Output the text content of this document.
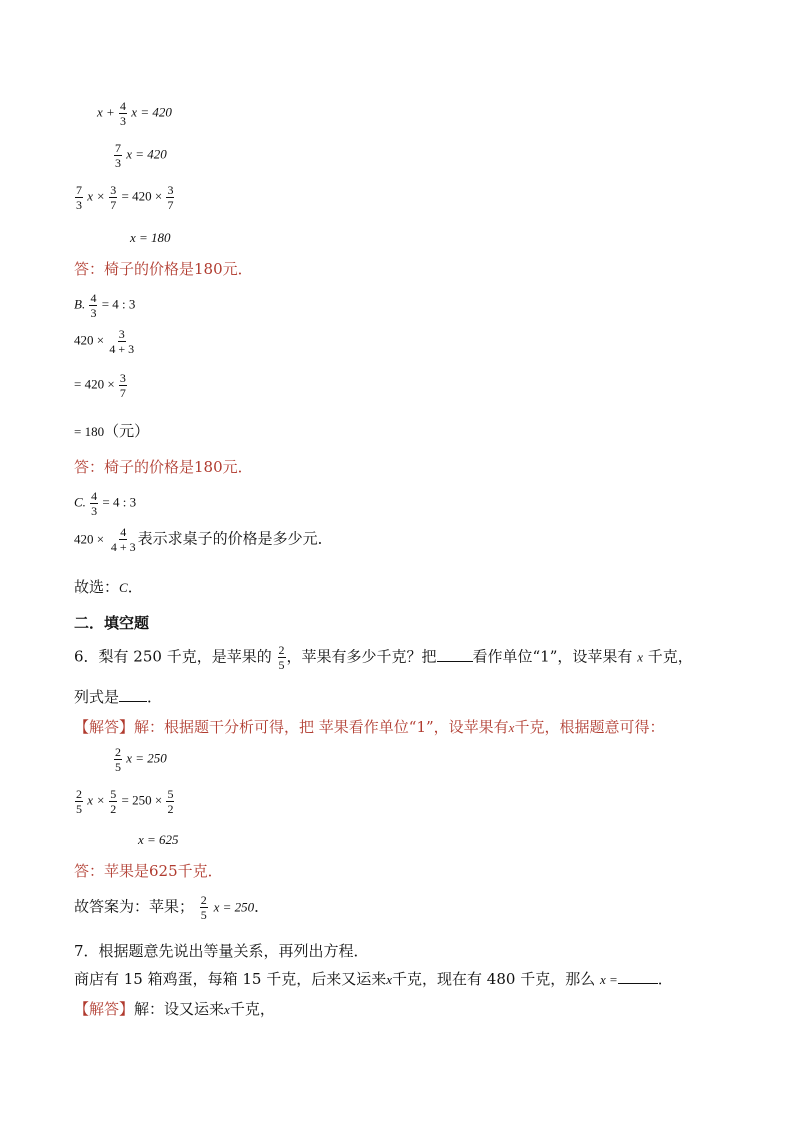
$x + \frac{4}{3}$ x = 420
$\frac{7}{3}$ x = 420
$\frac{7}{3}$ $x \times \frac{3}{7} = 420 \times \frac{3}{7}$
x = 180
答：椅子的价格是180元．
B. $\frac{4}{3} = 4$ : 3
$420 \times \frac{3}{4 + 3}$
= $420 \times \frac{3}{7}$
= 180（元）
答：椅子的价格是180元．
C. $\frac{4}{3} = 4$ : 3
$420 \times \frac{4}{4 + 3}$ 表示求桌子的价格是多少元．
故选：C．
二．填空题
6．梨有 250 千克，是苹果的 $\frac{2}{5}$ ，苹果有多少千克？把 看作单位“1”，设苹果有 x 千克，
列式是 ．
【解答】解：根据题干分析可得，把 苹果看作单位“1”，设苹果有x千克，根据题意可得：
$\frac{2}{5}$ x = 250
$\frac{2}{5}$ $x \times \frac{5}{2} = 250 \times \frac{5}{2}$
x = 625
答：苹果是625千克．
故答案为：苹果； $\frac{2}{5}$ x = 250．
7．根据题意先说出等量关系，再列出方程．
商店有 15 箱鸡蛋，每箱 15 千克，后来又运来x千克，现在有 480 千克，那么 x =	．
【解答】解：设又运来x千克，
